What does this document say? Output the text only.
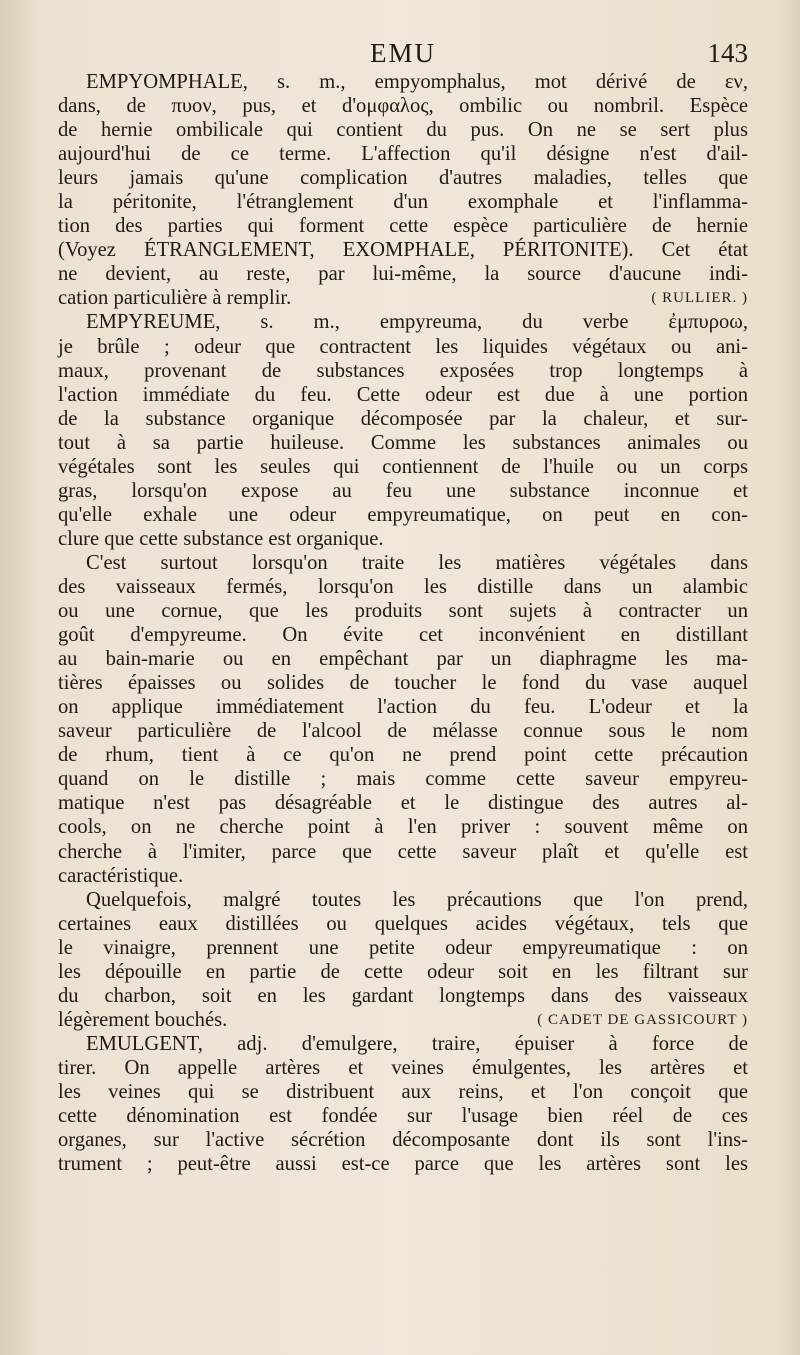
EMU	143
EMPYOMPHALE, s. m., empyomphalus, mot dérivé de εν,
dans, de πυον, pus, et d'ομφαλος, ombilic ou nombril. Espèce
de hernie ombilicale qui contient du pus. On ne se sert plus
aujourd'hui de ce terme. L'affection qu'il désigne n'est d'ail-
leurs jamais qu'une complication d'autres maladies, telles que
la péritonite, l'étranglement d'un exomphale et l'inflamma-
tion des parties qui forment cette espèce particulière de hernie
(Voyez ÉTRANGLEMENT, EXOMPHALE, PÉRITONITE). Cet état
ne devient, au reste, par lui-même, la source d'aucune indi-
cation particulière à remplir.	( RULLIER. )
EMPYREUME, s. m., empyreuma, du verbe ἐμπυροω,
je brûle ; odeur que contractent les liquides végétaux ou ani-
maux, provenant de substances exposées trop longtemps à
l'action immédiate du feu. Cette odeur est due à une portion
de la substance organique décomposée par la chaleur, et sur-
tout à sa partie huileuse. Comme les substances animales ou
végétales sont les seules qui contiennent de l'huile ou un corps
gras, lorsqu'on expose au feu une substance inconnue et
qu'elle exhale une odeur empyreumatique, on peut en con-
clure que cette substance est organique.
C'est surtout lorsqu'on traite les matières végétales dans
des vaisseaux fermés, lorsqu'on les distille dans un alambic
ou une cornue, que les produits sont sujets à contracter un
goût d'empyreume. On évite cet inconvénient en distillant
au bain-marie ou en empêchant par un diaphragme les ma-
tières épaisses ou solides de toucher le fond du vase auquel
on applique immédiatement l'action du feu. L'odeur et la
saveur particulière de l'alcool de mélasse connue sous le nom
de rhum, tient à ce qu'on ne prend point cette précaution
quand on le distille ; mais comme cette saveur empyreu-
matique n'est pas désagréable et le distingue des autres al-
cools, on ne cherche point à l'en priver : souvent même on
cherche à l'imiter, parce que cette saveur plaît et qu'elle est
caractéristique.
Quelquefois, malgré toutes les précautions que l'on prend,
certaines eaux distillées ou quelques acides végétaux, tels que
le vinaigre, prennent une petite odeur empyreumatique : on
les dépouille en partie de cette odeur soit en les filtrant sur
du charbon, soit en les gardant longtemps dans des vaisseaux
légèrement bouchés.	( CADET DE GASSICOURT )
EMULGENT, adj. d'emulgere, traire, épuiser à force de
tirer. On appelle artères et veines émulgentes, les artères et
les veines qui se distribuent aux reins, et l'on conçoit que
cette dénomination est fondée sur l'usage bien réel de ces
organes, sur l'active sécrétion décomposante dont ils sont l'ins-
trument ; peut-être aussi est-ce parce que les artères sont les
